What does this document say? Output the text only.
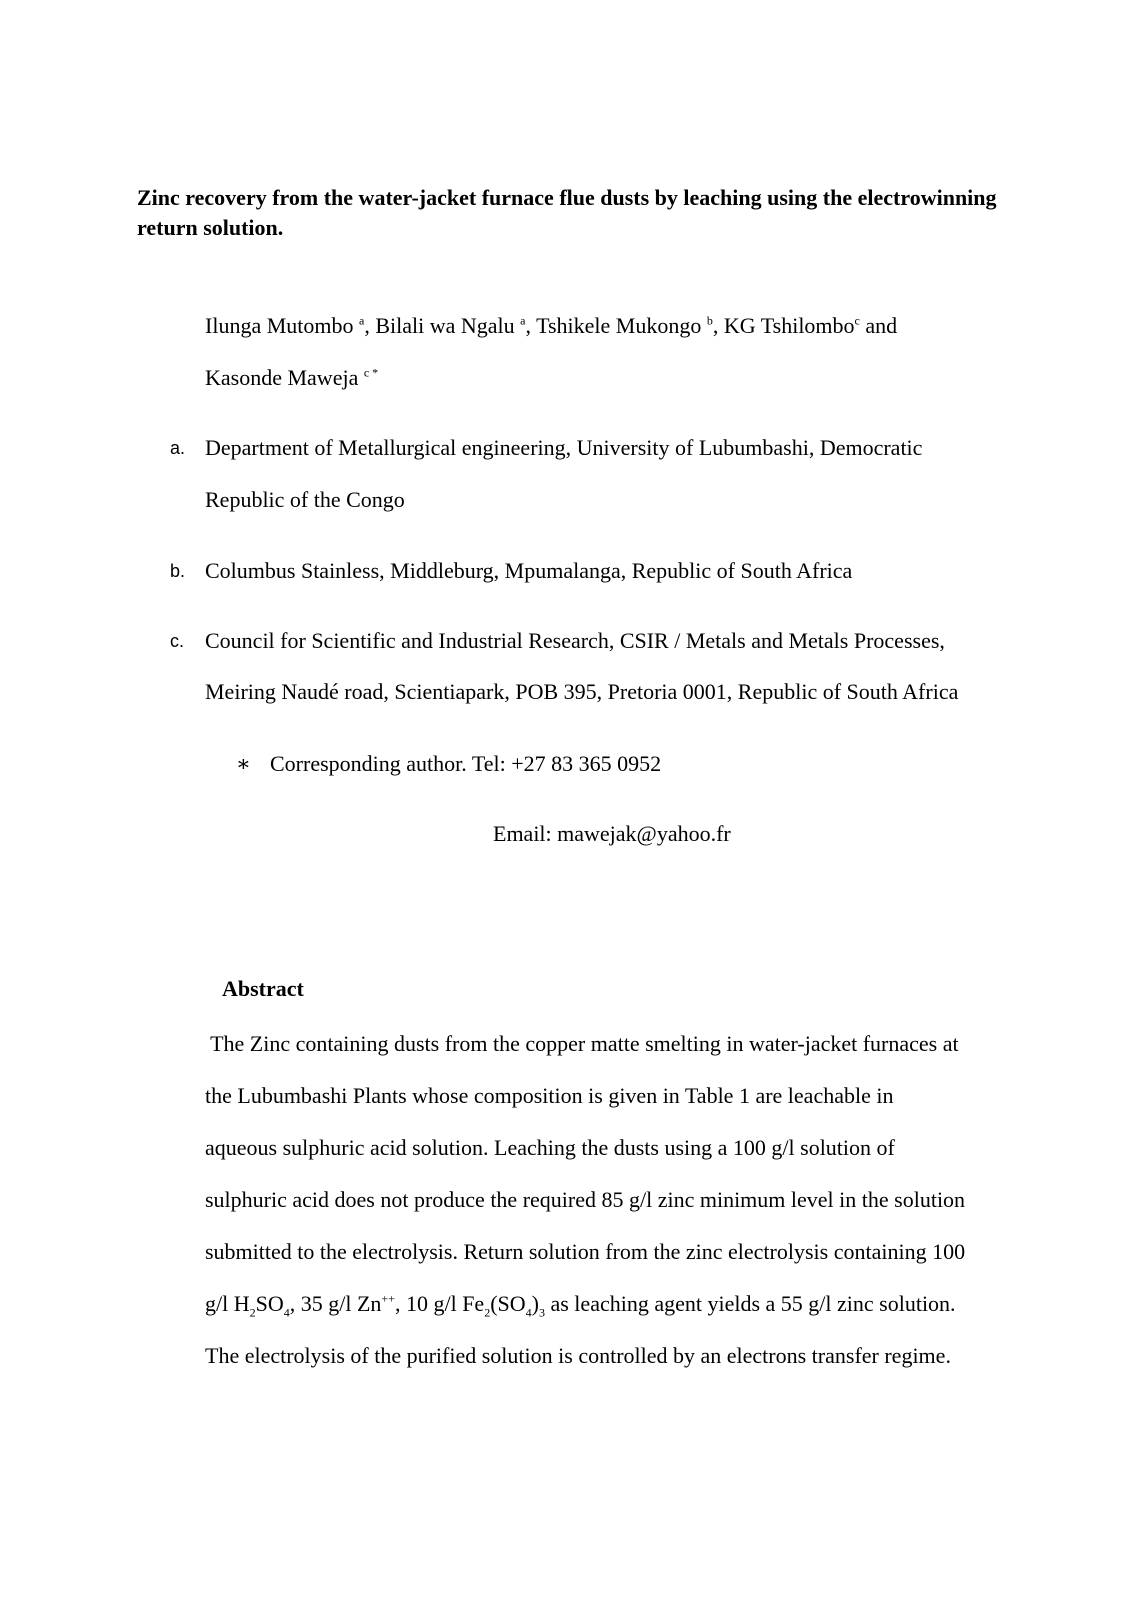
Zinc recovery from the water-jacket furnace flue dusts by leaching using the electrowinning return solution.
Ilunga Mutombo $^a$, Bilali wa Ngalu $^a$, Tshikele Mukongo $^b$, KG Tshilombo$^c$ and
Kasonde Maweja $^{c *}$
a. Department of Metallurgical engineering, University of Lubumbashi, Democratic
Republic of the Congo
b. Columbus Stainless, Middleburg, Mpumalanga, Republic of South Africa
c. Council for Scientific and Industrial Research, CSIR / Metals and Metals Processes,
Meiring Naudé road, Scientiapark, POB 395, Pretoria 0001, Republic of South Africa
∗ Corresponding author. Tel: +27 83 365 0952
Email: mawejak@yahoo.fr
Abstract
The Zinc containing dusts from the copper matte smelting in water-jacket furnaces at
the Lubumbashi Plants whose composition is given in Table 1 are leachable in
aqueous sulphuric acid solution. Leaching the dusts using a 100 g/l solution of
sulphuric acid does not produce the required 85 g/l zinc minimum level in the solution
submitted to the electrolysis. Return solution from the zinc electrolysis containing 100
g/l $H_2SO_4$, 35 g/l Zn++, 10 g/l $Fe_2(SO_4)_3$ as leaching agent yields a 55 g/l zinc solution.
The electrolysis of the purified solution is controlled by an electrons transfer regime.
